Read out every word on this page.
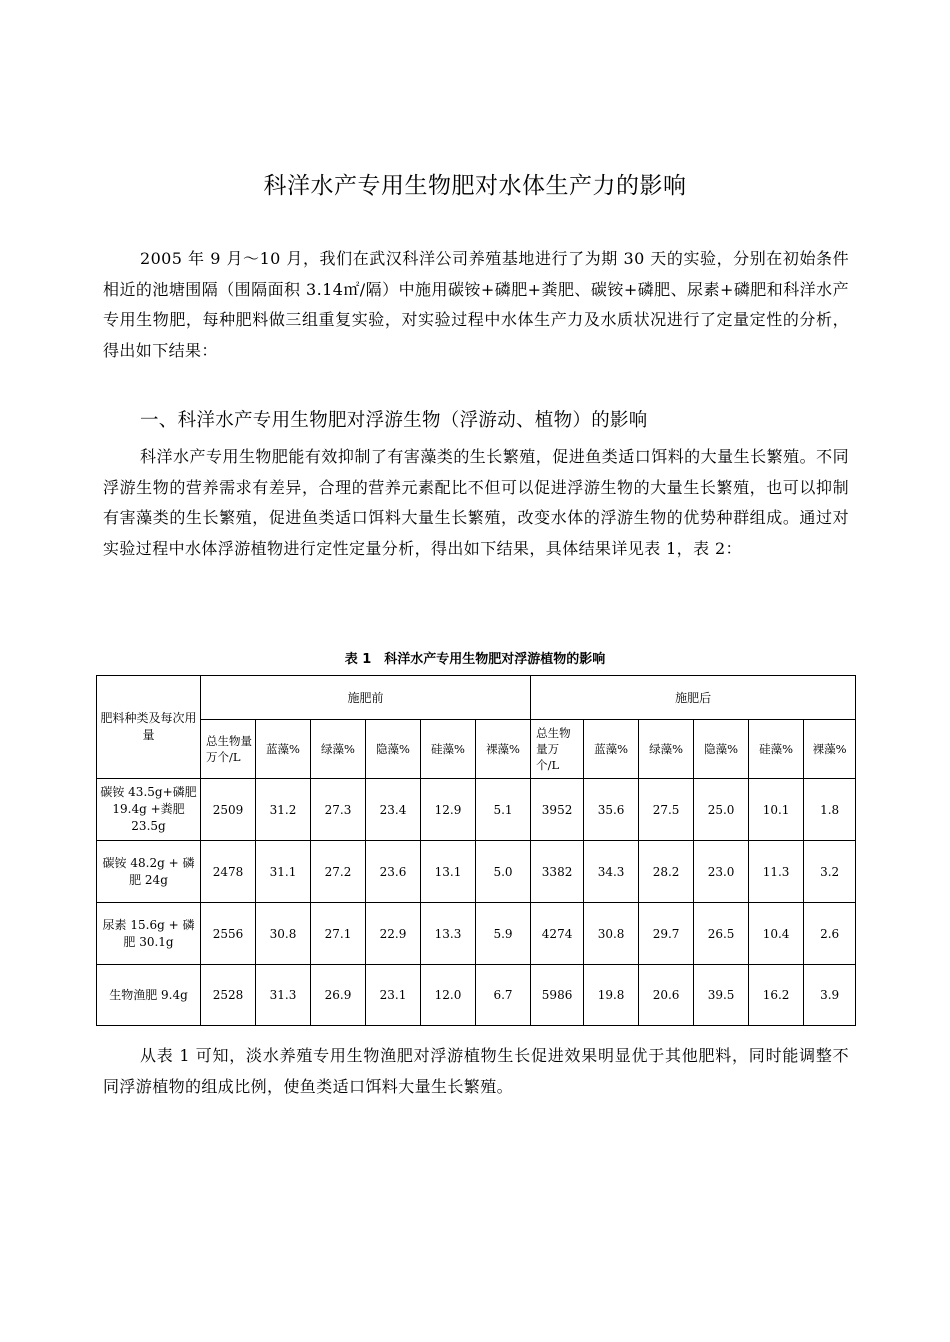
科洋水产专用生物肥对水体生产力的影响

2005 年 9 月～10 月，我们在武汉科洋公司养殖基地进行了为期 30 天的实验，分别在初始条件相近的池塘围隔（围隔面积 3.14㎡/隔）中施用碳铵+磷肥+粪肥、碳铵+磷肥、尿素+磷肥和科洋水产专用生物肥，每种肥料做三组重复实验，对实验过程中水体生产力及水质状况进行了定量定性的分析，得出如下结果：

一、科洋水产专用生物肥对浮游生物（浮游动、植物）的影响

科洋水产专用生物肥能有效抑制了有害藻类的生长繁殖，促进鱼类适口饵料的大量生长繁殖。不同浮游生物的营养需求有差异，合理的营养元素配比不但可以促进浮游生物的大量生长繁殖，也可以抑制有害藻类的生长繁殖，促进鱼类适口饵料大量生长繁殖，改变水体的浮游生物的优势种群组成。通过对实验过程中水体浮游植物进行定性定量分析，得出如下结果，具体结果详见表 1，表 2：

表 1　科洋水产专用生物肥对浮游植物的影响
肥料种类及每次用量	施肥前						施肥后					
	总生物量万个/L	蓝藻%	绿藻%	隐藻%	硅藻%	裸藻%	总生物量万个/L	蓝藻%	绿藻%	隐藻%	硅藻%	裸藻%
碳铵 43.5g+磷肥 19.4g +粪肥 23.5g	2509	31.2	27.3	23.4	12.9	5.1	3952	35.6	27.5	25.0	10.1	1.8
碳铵 48.2g + 磷肥 24g	2478	31.1	27.2	23.6	13.1	5.0	3382	34.3	28.2	23.0	11.3	3.2
尿素 15.6g + 磷肥 30.1g	2556	30.8	27.1	22.9	13.3	5.9	4274	30.8	29.7	26.5	10.4	2.6
生物渔肥 9.4g	2528	31.3	26.9	23.1	12.0	6.7	5986	19.8	20.6	39.5	16.2	3.9

从表 1 可知，淡水养殖专用生物渔肥对浮游植物生长促进效果明显优于其他肥料，同时能调整不同浮游植物的组成比例，使鱼类适口饵料大量生长繁殖。
